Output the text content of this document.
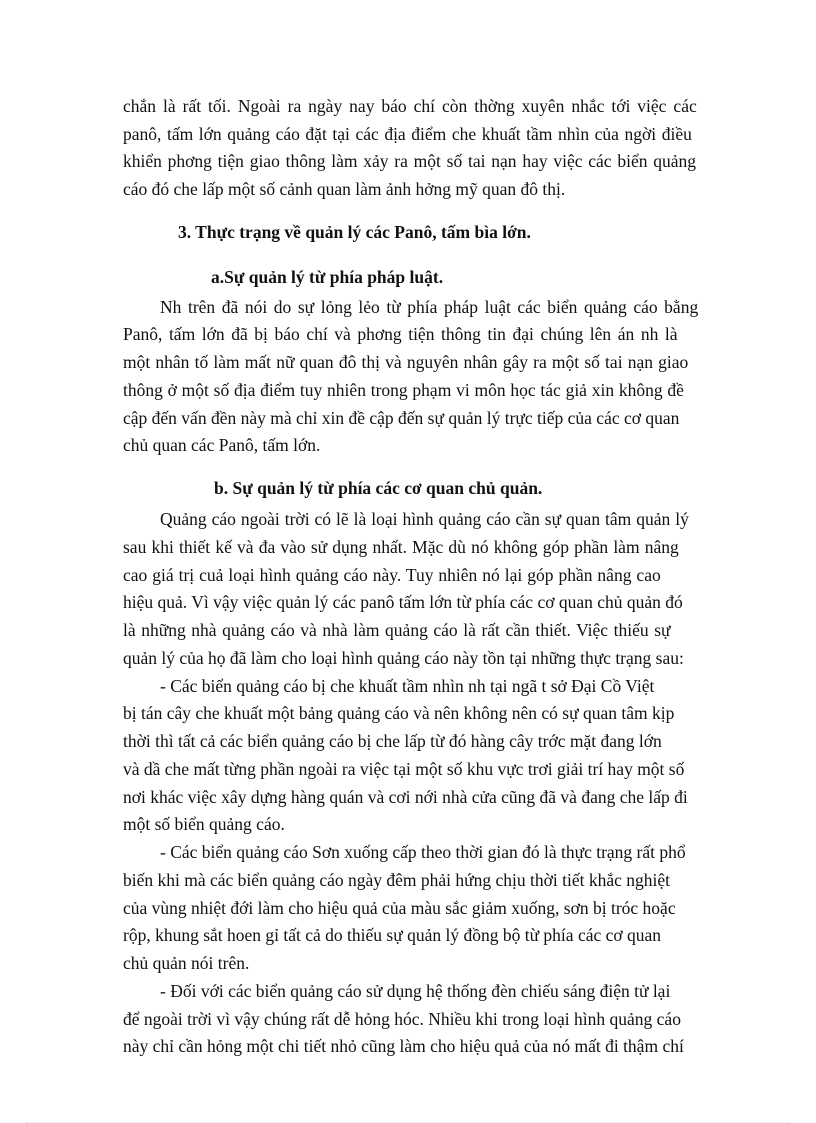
chắn là rất tối. Ngoài ra ngày nay báo chí còn thờng xuyên nhắc tới việc các
panô, tấm lớn quảng cáo đặt tại các địa điểm che khuất tầm nhìn của ngời điều
khiển phơng tiện giao thông làm xảy ra một số tai nạn hay việc các biển quảng
cáo đó che lấp một số cảnh quan làm ảnh hởng mỹ quan đô thị.
3. Thực trạng về quản lý các Panô, tấm bìa lớn.
a.Sự quản lý từ phía pháp luật.
Nh trên đã nói do sự lỏng lẻo từ phía pháp luật các biển quảng cáo bằng
Panô, tấm lớn đã bị báo chí và phơng tiện thông tin đại chúng lên án nh là
một nhân tố làm mất nữ quan đô thị và nguyên nhân gây ra một số tai nạn giao
thông ở một số địa điểm tuy nhiên trong phạm vi môn học tác giả xin không đề
cập đến vấn đền này mà chỉ xin đề cập đến sự quản lý trực tiếp của các cơ quan
chủ quan các Panô, tấm lớn.
b. Sự quản lý từ phía các cơ quan chủ quản.
Quảng cáo ngoài trời có lẽ là loại hình quảng cáo cần sự quan tâm quản lý
sau khi thiết kế và đa vào sử dụng nhất. Mặc dù nó không góp phần làm nâng
cao giá trị cuả loại hình quảng cáo này. Tuy nhiên nó lại góp phần nâng cao
hiệu quả. Vì vậy việc quản lý các panô tấm lớn từ phía các cơ quan chủ quản đó
là những nhà quảng cáo và nhà làm quảng cáo là rất cần thiết. Việc thiếu sự
quản lý của họ đã làm cho loại hình quảng cáo này tồn tại những thực trạng sau:
- Các biển quảng cáo bị che khuất tầm nhìn nh tại ngã t sở Đại Cồ Việt
bị tán cây che khuất một bảng quảng cáo và nên không nên có sự quan tâm kịp
thời thì tất cả các biển quảng cáo bị che lấp từ đó hàng cây trớc mặt đang lớn
và dầ che mất từng phần ngoài ra việc tại một số khu vực trơi giải trí hay một số
nơi khác việc xây dựng hàng quán và cơi nới nhà cửa cũng đã và đang che lấp đi
một số biển quảng cáo.
- Các biển quảng cáo Sơn xuống cấp theo thời gian đó là thực trạng rất phổ
biến khi mà các biển quảng cáo ngày đêm phải hứng chịu thời tiết khắc nghiệt
của vùng nhiệt đới làm cho hiệu quả của màu sắc giảm xuống, sơn bị tróc hoặc
rộp, khung sắt hoen gỉ tất cả do thiếu sự quản lý đồng bộ từ phía các cơ quan
chủ quản nói trên.
- Đối với các biển quảng cáo sử dụng hệ thống đèn chiếu sáng điện tử lại
để ngoài trời vì vậy chúng rất dễ hỏng hóc. Nhiều khi trong loại hình quảng cáo
này chỉ cần hỏng một chi tiết nhỏ cũng làm cho hiệu quả của nó mất đi thậm chí
